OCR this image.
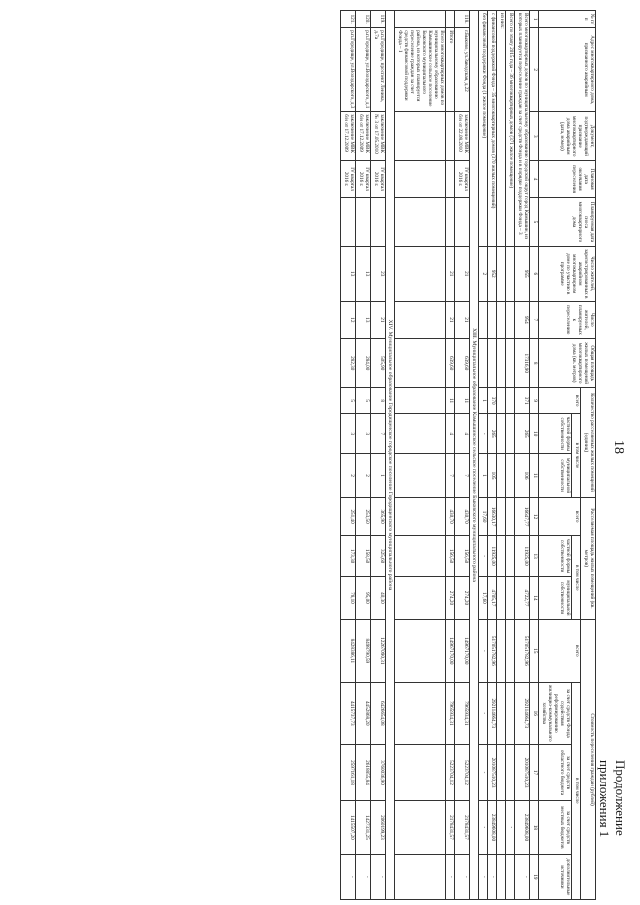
18
Продолжение приложения 1
№ п/п	Адрес многоквартирного дома, признанного аварийным	Документ, подтверждающий признание многоквартирного дома аварийным (дата, номер)	Плановая дата окончания переселения	Планируемая дата сноса многоквартирного дома	Число жителей, зарегистрированных в аварийном многоквартирном доме по участию в программе	Число жителей, планируемых к переселению	Общая площадь жилых помещений многоквартирного дома (кв. метров)	Количество расселяемых жилых помещений (единиц)			Расселяемая площадь жилых помещений (кв. метров)			Стоимость переселения граждан (рублей)				
								всего	в том числе		всего	в том числе		всего	в том числе			
									частной формы собственности	муниципальной собственности		частной формы собственности	муниципальной собственности		за счет средств Фонда содействия реформированию жилищно-коммунального хозяйства	за счет средств областного бюджета	за счет средств местных бюджетов	дополнительные источники
1	2	3	4	5	6	7	8	9	10	11	12	13	14	15	16	17	18	19
Всего многоквартирных домов по муниципальному образованию городской округ город Камышин, из которых планируется переселение граждан за счет средств Фонда и в порядке поддержки Фонда – 3					955	954	17316,90	371	265	106	16647,77	11925,00	4722,77	517051782,96	292114664,73	201087510,23	23849608,00	-
Всего по этапу 2015 года – 36 многоквартирных домов (371 жилое помещение)																	-	
из них:																		
с финансовой поддержкой Фонда – 35 многоквартирных домов (370 жилых помещений)					952			370	265	105	16630,17	11925,00	4705,17	517051782,96	292114664,73	201087510,23	23849608,00	-
без финансовой поддержки Фонда (1 жилое помещение)					2			1	-	1	17,60	-	17,60	-	-	-	-	-
XIII. Муниципальное образование Камышинское сельское поселение Быковского муниципального района																		
118.	г.Быково, ул.Заводская, д.22	заключение МВК б/н от 22.08.2010	IV квартал 2016 г.		21	21	639,60	11	4	7	430,70	156,50	274,20	14967170,00	7965934,31	5223704,12	2178431,57	-
	Итого				21	21	639,60	11	4	7	430,70	156,50	274,20	14967170,00	7965934,31	5223704,12	2178431,57	-
	Всего многоквартирных домов по муниципальному образованию Камышинское сельское поселение Быковского муниципального района, из которых планируется переселение граждан за счет средств финансовой поддержки Фонда – 1																	
XIV. Муниципальное образование Городищенское городское поселение Городищенского муниципального района																		
119.	р.п.Городище, проспект Ленина, д.7а	заключение МВК № 3 от 17.05.2010	IV квартал 2016 г.		23	21	505,90	8	7	1	365,90	325,60	40,30	12267090,31	6426654,08	3760036,90	2060199,23	-
120.	р.п.Городище, ул.Володарского, д.1	заключение МВК б/н от 17.12.2009	IV квартал 2016 г.		13	13	284,00	5	3	2	253,50	158,50	95,00	8498790,59	4452868,20	2618855,84	1427331,25	-
121.	р.п.Городище, ул.Володарского, д.3	заключение МВК б/н от 17.12.2009	IV квартал 2016 г.		13	12	282,30	5	3	2	251,40	173,30	78,10	8428386,11	4415737,73	2597161,18	1415507,20	-
